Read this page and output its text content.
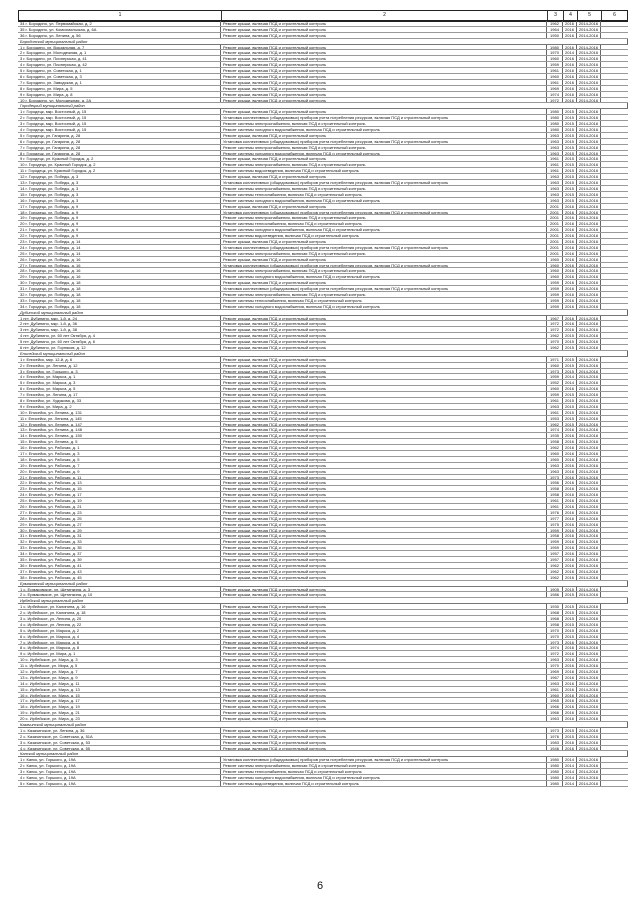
1	2	3	4	5	6
34 г. Бородино, ул. Первомайская, д. 2	Ремонт крыши, включая ПСД и строительный контроль	1962	2016	2014-2016
35 г. Бородино, ул. Комсомольская, д. 6А	Ремонт крыши, включая ПСД и строительный контроль	1964	2016	2014-2016
36 г. Бородино, ул. Ленина, д. 56	Ремонт крыши, включая ПСД и строительный контроль	1950	2016	2014-2016
Бородинский муниципальный район
1 г. Бородино, ул. Вокзальная, д. 7	Ремонт крыши, включая ПСД и строительный контроль	1980	2016	2014-2016
2 г. Бородино, ул. Молодежная, д. 1	Ремонт крыши, включая ПСД и строительный контроль	1970	2014	2014-2016
3 г. Бородино, ул. Пионерская, д. 41	Ремонт крыши, включая ПСД и строительный контроль	1960	2016	2014-2016
4 г. Бородино, ул. Пионерская, д. 42	Ремонт крыши, включая ПСД и строительный контроль	1959	2016	2014-2016
5 г. Бородино, ул. Советская, д. 1	Ремонт крыши, включая ПСД и строительный контроль	1961	2016	2014-2016
6 г. Бородино, ул. Советская, д. 3	Ремонт крыши, включая ПСД и строительный контроль	1960	2016	2014-2016
7 г. Бородино, ул. Заводская, д. 1	Ремонт крыши, включая ПСД и строительный контроль	1961	2016	2014-2016
8 г. Бородино, ул. Мира, д. 5	Ремонт крыши, включая ПСД и строительный контроль	1969	2016	2014-2016
9 г. Бородино, ул. Мира, д. 8	Ремонт крыши, включая ПСД и строительный контроль	1974	2016	2014-2016
10 г. Бородино, ул. Молодежная, д. 2А	Ремонт крыши, включая ПСД и строительный контроль	1972	2016	2014-2016
Городецкий муниципальный район
1 г. Городецк, мкр. Восточный, д. 15	Ремонт крыши, включая ПСД и строительный контроль	1980	2015	2014-2016
2 г. Городецк, мкр. Восточный, д. 15	Установка коллективных (общедомовых) приборов учета потребления ресурсов, включая ПСД и строительный контроль	1980	2015	2014-2016
3 г. Городецк, мкр. Восточный, д. 15	Ремонт системы электроснабжения, включая ПСД и строительный контроль	1980	2015	2014-2016
4 г. Городецк, мкр. Восточный, д. 15	Ремонт системы холодного водоснабжения, включая ПСД и строительный контроль	1980	2015	2014-2016
5 г. Городецк, ул. Гагарина, д. 28	Ремонт крыши, включая ПСД и строительный контроль	1963	2015	2014-2016
6 г. Городецк, ул. Гагарина, д. 28	Установка коллективных (общедомовых) приборов учета потребления ресурсов, включая ПСД и строительный контроль	1963	2015	2014-2016
7 г. Городецк, ул. Гагарина, д. 28	Ремонт системы электроснабжения, включая ПСД и строительный контроль	1963	2015	2014-2016
8 г. Городецк, ул. Гагарина, д. 28	Ремонт системы холодного водоснабжения, включая ПСД и строительный контроль	1963	2015	2014-2016
9 г. Городецк, ул. Красный Городок, д. 2	Ремонт крыши, включая ПСД и строительный контроль	1961	2015	2014-2016
10 г. Городецк, ул. Красный Городок, д. 2	Ремонт системы электроснабжения, включая ПСД и строительный контроль	1961	2015	2014-2016
11 г. Городецк, ул. Красный Городок, д. 2	Ремонт системы водоотведения, включая ПСД и строительный контроль	1961	2015	2014-2016
12 г. Городецк, ул. Победы, д. 3	Ремонт крыши, включая ПСД и строительный контроль	1963	2015	2014-2016
13 г. Городецк, ул. Победы, д. 3	Установка коллективных (общедомовых) приборов учета потребления ресурсов, включая ПСД и строительный контроль	1963	2015	2014-2016
14 г. Городецк, ул. Победы, д. 3	Ремонт системы электроснабжения, включая ПСД и строительный контроль	1963	2015	2014-2016
15 г. Городецк, ул. Победы, д. 3	Ремонт системы теплоснабжения, включая ПСД и строительный контроль	1963	2015	2014-2016
16 г. Городецк, ул. Победы, д. 3	Ремонт системы холодного водоснабжения, включая ПСД и строительный контроль	1963	2015	2014-2016
17 г. Городецк, ул. Победы, д. 9	Ремонт крыши, включая ПСД и строительный контроль	2001	2016	2014-2016
18 г. Городецк, ул. Победы, д. 9	Установка коллективных (общедомовых) приборов учета потребления ресурсов, включая ПСД и строительный контроль	2001	2016	2014-2016
19 г. Городецк, ул. Победы, д. 9	Ремонт системы электроснабжения, включая ПСД и строительный контроль	2001	2016	2014-2016
20 г. Городецк, ул. Победы, д. 9	Ремонт системы теплоснабжения, включая ПСД и строительный контроль	2001	2016	2014-2016
21 г. Городецк, ул. Победы, д. 9	Ремонт системы холодного водоснабжения, включая ПСД и строительный контроль	2001	2016	2014-2016
22 г. Городецк, ул. Победы, д. 9	Ремонт системы водоотведения, включая ПСД и строительный контроль	2001	2016	2014-2016
23 г. Городецк, ул. Победы, д. 14	Ремонт крыши, включая ПСД и строительный контроль	2001	2016	2014-2016
24 г. Городецк, ул. Победы, д. 14	Установка коллективных (общедомовых) приборов учета потребления ресурсов, включая ПСД и строительный контроль	2001	2016	2014-2016
25 г. Городецк, ул. Победы, д. 14	Ремонт системы электроснабжения, включая ПСД и строительный контроль	2001	2016	2014-2016
26 г. Городецк, ул. Победы, д. 16	Ремонт крыши, включая ПСД и строительный контроль	1960	2016	2014-2016
27 г. Городецк, ул. Победы, д. 16	Установка коллективных (общедомовых) приборов учета потребления ресурсов, включая ПСД и строительный контроль	1960	2016	2014-2016
28 г. Городецк, ул. Победы, д. 16	Ремонт системы электроснабжения, включая ПСД и строительный контроль	1960	2016	2014-2016
29 г. Городецк, ул. Победы, д. 16	Ремонт системы холодного водоснабжения, включая ПСД и строительный контроль	1960	2016	2014-2016
30 г. Городецк, ул. Победы, д. 18	Ремонт крыши, включая ПСД и строительный контроль	1959	2016	2014-2016
31 г. Городецк, ул. Победы, д. 18	Установка коллективных (общедомовых) приборов учета потребления ресурсов, включая ПСД и строительный контроль	1959	2016	2014-2016
32 г. Городецк, ул. Победы, д. 18	Ремонт системы электроснабжения, включая ПСД и строительный контроль	1959	2016	2014-2016
33 г. Городецк, ул. Победы, д. 18	Ремонт системы теплоснабжения, включая ПСД и строительный контроль	1959	2016	2014-2016
34 г. Городецк, ул. Победы, д. 18	Ремонт системы холодного водоснабжения, включая ПСД и строительный контроль	1959	2016	2014-2016
Дубинский муниципальный район
1 пгт. Дубинино, мкр. 1-й, д. 24	Ремонт крыши, включая ПСД и строительный контроль	1967	2016	2014-2016
2 пгт. Дубинино, мкр. 1-й, д. 36	Ремонт крыши, включая ПСД и строительный контроль	1972	2016	2014-2016
3 пгт. Дубинино, мкр. 1-й, д. 38	Ремонт крыши, включая ПСД и строительный контроль	1972	2016	2014-2016
4 пгт. Дубинино, ул. 60 лет Октября, д. 4	Ремонт крыши, включая ПСД и строительный контроль	1962	2015	2014-2016
5 пгт. Дубинино, ул. 60 лет Октября, д. 6	Ремонт крыши, включая ПСД и строительный контроль	1970	2015	2014-2016
6 пгт. Дубинино, ул. Горняков, д. 12	Ремонт крыши, включая ПСД и строительный контроль	1962	2015	2014-2016
Енисейский муниципальный район
1 г. Енисейск, мкр. 12-й, д. 6	Ремонт крыши, включая ПСД и строительный контроль	1971	2015	2014-2016
2 г. Енисейск, ул. Ленина, д. 12	Ремонт крыши, включая ПСД и строительный контроль	1960	2015	2014-2016
3 г. Енисейск, ул. Горького, д. 3	Ремонт крыши, включая ПСД и строительный контроль	1973	2015	2014-2016
4 г. Енисейск, ул. Маркса, д. 1	Ремонт крыши, включая ПСД и строительный контроль	1959	2014	2014-2016
5 г. Енисейск, ул. Маркса, д. 3	Ремонт крыши, включая ПСД и строительный контроль	1952	2014	2014-2016
6 г. Енисейск, ул. Маркса, д. 5	Ремонт крыши, включая ПСД и строительный контроль	1960	2016	2014-2016
7 г. Енисейск, ул. Ленина, д. 17	Ремонт крыши, включая ПСД и строительный контроль	1959	2015	2014-2016
8 г. Енисейск, ул. Худякова, д. 33	Ремонт крыши, включая ПСД и строительный контроль	1961	2015	2014-2016
9 г. Енисейск, ул. Мира, д. 2	Ремонт крыши, включая ПСД и строительный контроль	1963	2015	2014-2016
10 г. Енисейск, ул. Ленина, д. 131	Ремонт крыши, включая ПСД и строительный контроль	1961	2015	2014-2016
11 г. Енисейск, ул. Ленина, д. 145	Ремонт крыши, включая ПСД и строительный контроль	1953	2015	2014-2016
12 г. Енисейск, ул. Ленина, д. 147	Ремонт крыши, включая ПСД и строительный контроль	1962	2015	2014-2016
13 г. Енисейск, ул. Ленина, д. 148	Ремонт крыши, включая ПСД и строительный контроль	1974	2016	2014-2016
14 г. Енисейск, ул. Ленина, д. 150	Ремонт крыши, включая ПСД и строительный контроль	1935	2016	2014-2016
15 г. Енисейск, ул. Ленина, д. 5	Ремонт крыши, включая ПСД и строительный контроль	1958	2016	2014-2016
16 г. Енисейск, ул. Рабочая, д. 1	Ремонт крыши, включая ПСД и строительный контроль	1962	2016	2014-2016
17 г. Енисейск, ул. Рабочая, д. 3	Ремонт крыши, включая ПСД и строительный контроль	1960	2016	2014-2016
18 г. Енисейск, ул. Рабочая, д. 5	Ремонт крыши, включая ПСД и строительный контроль	1960	2016	2014-2016
19 г. Енисейск, ул. Рабочая, д. 7	Ремонт крыши, включая ПСД и строительный контроль	1963	2016	2014-2016
20 г. Енисейск, ул. Рабочая, д. 9	Ремонт крыши, включая ПСД и строительный контроль	1963	2016	2014-2016
21 г. Енисейск, ул. Рабочая, д. 11	Ремонт крыши, включая ПСД и строительный контроль	1973	2016	2014-2016
22 г. Енисейск, ул. Рабочая, д. 13	Ремонт крыши, включая ПСД и строительный контроль	1956	2016	2014-2016
23 г. Енисейск, ул. Рабочая, д. 15	Ремонт крыши, включая ПСД и строительный контроль	1958	2016	2014-2016
24 г. Енисейск, ул. Рабочая, д. 17	Ремонт крыши, включая ПСД и строительный контроль	1958	2016	2014-2016
25 г. Енисейск, ул. Рабочая, д. 19	Ремонт крыши, включая ПСД и строительный контроль	1961	2016	2014-2016
26 г. Енисейск, ул. Рабочая, д. 21	Ремонт крыши, включая ПСД и строительный контроль	1961	2016	2014-2016
27 г. Енисейск, ул. Рабочая, д. 23	Ремонт крыши, включая ПСД и строительный контроль	1976	2016	2014-2016
28 г. Енисейск, ул. Рабочая, д. 25	Ремонт крыши, включая ПСД и строительный контроль	1977	2016	2014-2016
29 г. Енисейск, ул. Рабочая, д. 27	Ремонт крыши, включая ПСД и строительный контроль	1975	2016	2014-2016
30 г. Енисейск, ул. Рабочая, д. 29	Ремонт крыши, включая ПСД и строительный контроль	1959	2016	2014-2016
31 г. Енисейск, ул. Рабочая, д. 31	Ремонт крыши, включая ПСД и строительный контроль	1958	2016	2014-2016
32 г. Енисейск, ул. Рабочая, д. 33	Ремонт крыши, включая ПСД и строительный контроль	1959	2016	2014-2016
33 г. Енисейск, ул. Рабочая, д. 35	Ремонт крыши, включая ПСД и строительный контроль	1959	2016	2014-2016
34 г. Енисейск, ул. Рабочая, д. 37	Ремонт крыши, включая ПСД и строительный контроль	1957	2016	2014-2016
35 г. Енисейск, ул. Рабочая, д. 39	Ремонт крыши, включая ПСД и строительный контроль	1957	2016	2014-2016
36 г. Енисейск, ул. Рабочая, д. 41	Ремонт крыши, включая ПСД и строительный контроль	1962	2016	2014-2016
37 г. Енисейск, ул. Рабочая, д. 43	Ремонт крыши, включая ПСД и строительный контроль	1962	2016	2014-2016
38 г. Енисейск, ул. Рабочая, д. 45	Ремонт крыши, включая ПСД и строительный контроль	1962	2016	2014-2016
Ермаковский муниципальный район
1 с. Ермаковское, ул. Щетинкина, д. 3	Ремонт крыши, включая ПСД и строительный контроль	1905	2015	2014-2016
2 с. Ермаковское, ул. Щетинкина, д. 10	Ремонт крыши, включая ПСД и строительный контроль	1986	2015	2014-2016
Ирбейский муниципальный район
1 с. Ирбейское, ул. Калинина, д. 16	Ремонт крыши, включая ПСД и строительный контроль	1930	2015	2014-2016
2 с. Ирбейское, ул. Калинина, д. 18	Ремонт крыши, включая ПСД и строительный контроль	1968	2015	2014-2016
3 с. Ирбейское, ул. Ленина, д. 20	Ремонт крыши, включая ПСД и строительный контроль	1968	2015	2014-2016
4 с. Ирбейское, ул. Ленина, д. 22	Ремонт крыши, включая ПСД и строительный контроль	1958	2015	2014-2016
5 с. Ирбейское, ул. Маркса, д. 2	Ремонт крыши, включая ПСД и строительный контроль	1970	2015	2014-2016
6 с. Ирбейское, ул. Маркса, д. 4	Ремонт крыши, включая ПСД и строительный контроль	1970	2015	2014-2016
7 с. Ирбейское, ул. Маркса, д. 6	Ремонт крыши, включая ПСД и строительный контроль	1973	2016	2014-2016
8 с. Ирбейское, ул. Маркса, д. 8	Ремонт крыши, включая ПСД и строительный контроль	1974	2016	2014-2016
9 с. Ирбейское, ул. Мира, д. 1	Ремонт крыши, включая ПСД и строительный контроль	1972	2016	2014-2016
10 с. Ирбейское, ул. Мира, д. 3	Ремонт крыши, включая ПСД и строительный контроль	1963	2016	2014-2016
11 с. Ирбейское, ул. Мира, д. 5	Ремонт крыши, включая ПСД и строительный контроль	1970	2016	2014-2016
12 с. Ирбейское, ул. Мира, д. 7	Ремонт крыши, включая ПСД и строительный контроль	1969	2016	2014-2016
13 с. Ирбейское, ул. Мира, д. 9	Ремонт крыши, включая ПСД и строительный контроль	1967	2016	2014-2016
14 с. Ирбейское, ул. Мира, д. 11	Ремонт крыши, включая ПСД и строительный контроль	1963	2016	2014-2016
15 с. Ирбейское, ул. Мира, д. 13	Ремонт крыши, включая ПСД и строительный контроль	1961	2016	2014-2016
16 с. Ирбейское, ул. Мира, д. 15	Ремонт крыши, включая ПСД и строительный контроль	1960	2016	2014-2016
17 с. Ирбейское, ул. Мира, д. 17	Ремонт крыши, включая ПСД и строительный контроль	1965	2016	2014-2016
18 с. Ирбейское, ул. Мира, д. 19	Ремонт крыши, включая ПСД и строительный контроль	1966	2016	2014-2016
19 с. Ирбейское, ул. Мира, д. 21	Ремонт крыши, включая ПСД и строительный контроль	1966	2016	2014-2016
20 с. Ирбейское, ул. Мира, д. 23	Ремонт крыши, включая ПСД и строительный контроль	1963	2016	2014-2016
Казачинский муниципальный район
1 с. Казачинское, ул. Ленина, д. 36	Ремонт крыши, включая ПСД и строительный контроль	1973	2015	2014-2016
2 с. Казачинское, ул. Советская, д. 51А	Ремонт крыши, включая ПСД и строительный контроль	1976	2015	2014-2016
3 с. Казачинское, ул. Советская, д. 53	Ремонт крыши, включая ПСД и строительный контроль	1983	2016	2014-2016
4 с. Казачинское, ул. Советская, д. 55	Ремонт крыши, включая ПСД и строительный контроль	1946	2016	2014-2016
Канский муниципальный район
1 г. Канск, ул. Горького, д. 19А	Установка коллективных (общедомовых) приборов учета потребления ресурсов, включая ПСД и строительный контроль	1980	2014	2014-2016
2 г. Канск, ул. Горького, д. 19А	Ремонт системы электроснабжения, включая ПСД и строительный контроль	1980	2014	2014-2016
3 г. Канск, ул. Горького, д. 19А	Ремонт системы теплоснабжения, включая ПСД и строительный контроль	1980	2014	2014-2016
4 г. Канск, ул. Горького, д. 19А	Ремонт системы холодного водоснабжения, включая ПСД и строительный контроль	1980	2014	2014-2016
5 г. Канск, ул. Горького, д. 19А	Ремонт системы водоотведения, включая ПСД и строительный контроль	1980	2014	2014-2016
6
